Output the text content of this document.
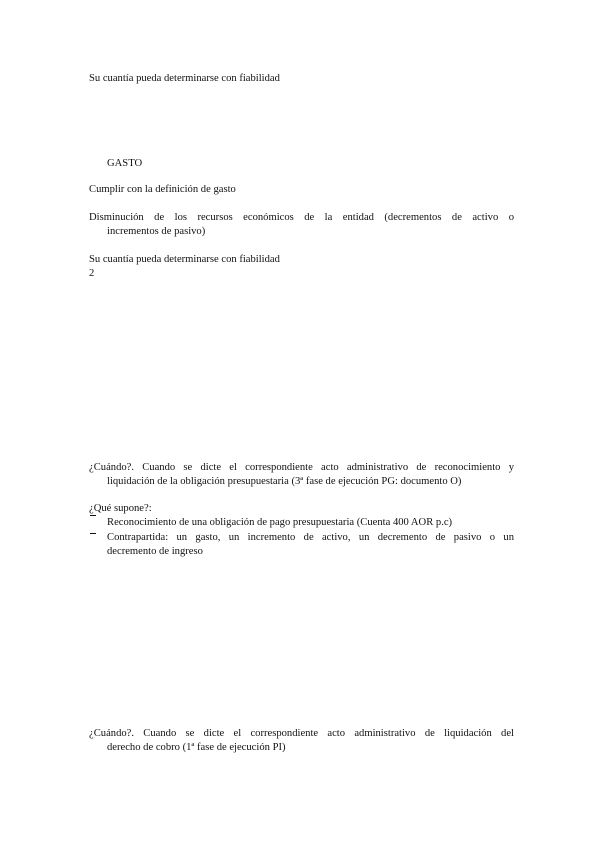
Su cuantía pueda determinarse con fiabilidad
GASTO
Cumplir con la definición de gasto
Disminución de los recursos económicos de la entidad (decrementos de activo o
incrementos de pasivo)
Su cuantía pueda determinarse con fiabilidad
2
¿Cuándo?. Cuando se dicte el correspondiente acto administrativo de reconocimiento y
liquidación de la obligación presupuestaria (3ª fase de ejecución PG: documento O)
¿Qué supone?:
Reconocimiento de una obligación de pago presupuestaria (Cuenta 400 AOR p.c)
Contrapartida: un gasto, un incremento de activo, un decremento de pasivo o un
decremento de ingreso
¿Cuándo?. Cuando se dicte el correspondiente acto administrativo de liquidación del
derecho de cobro (1ª fase de ejecución PI)
